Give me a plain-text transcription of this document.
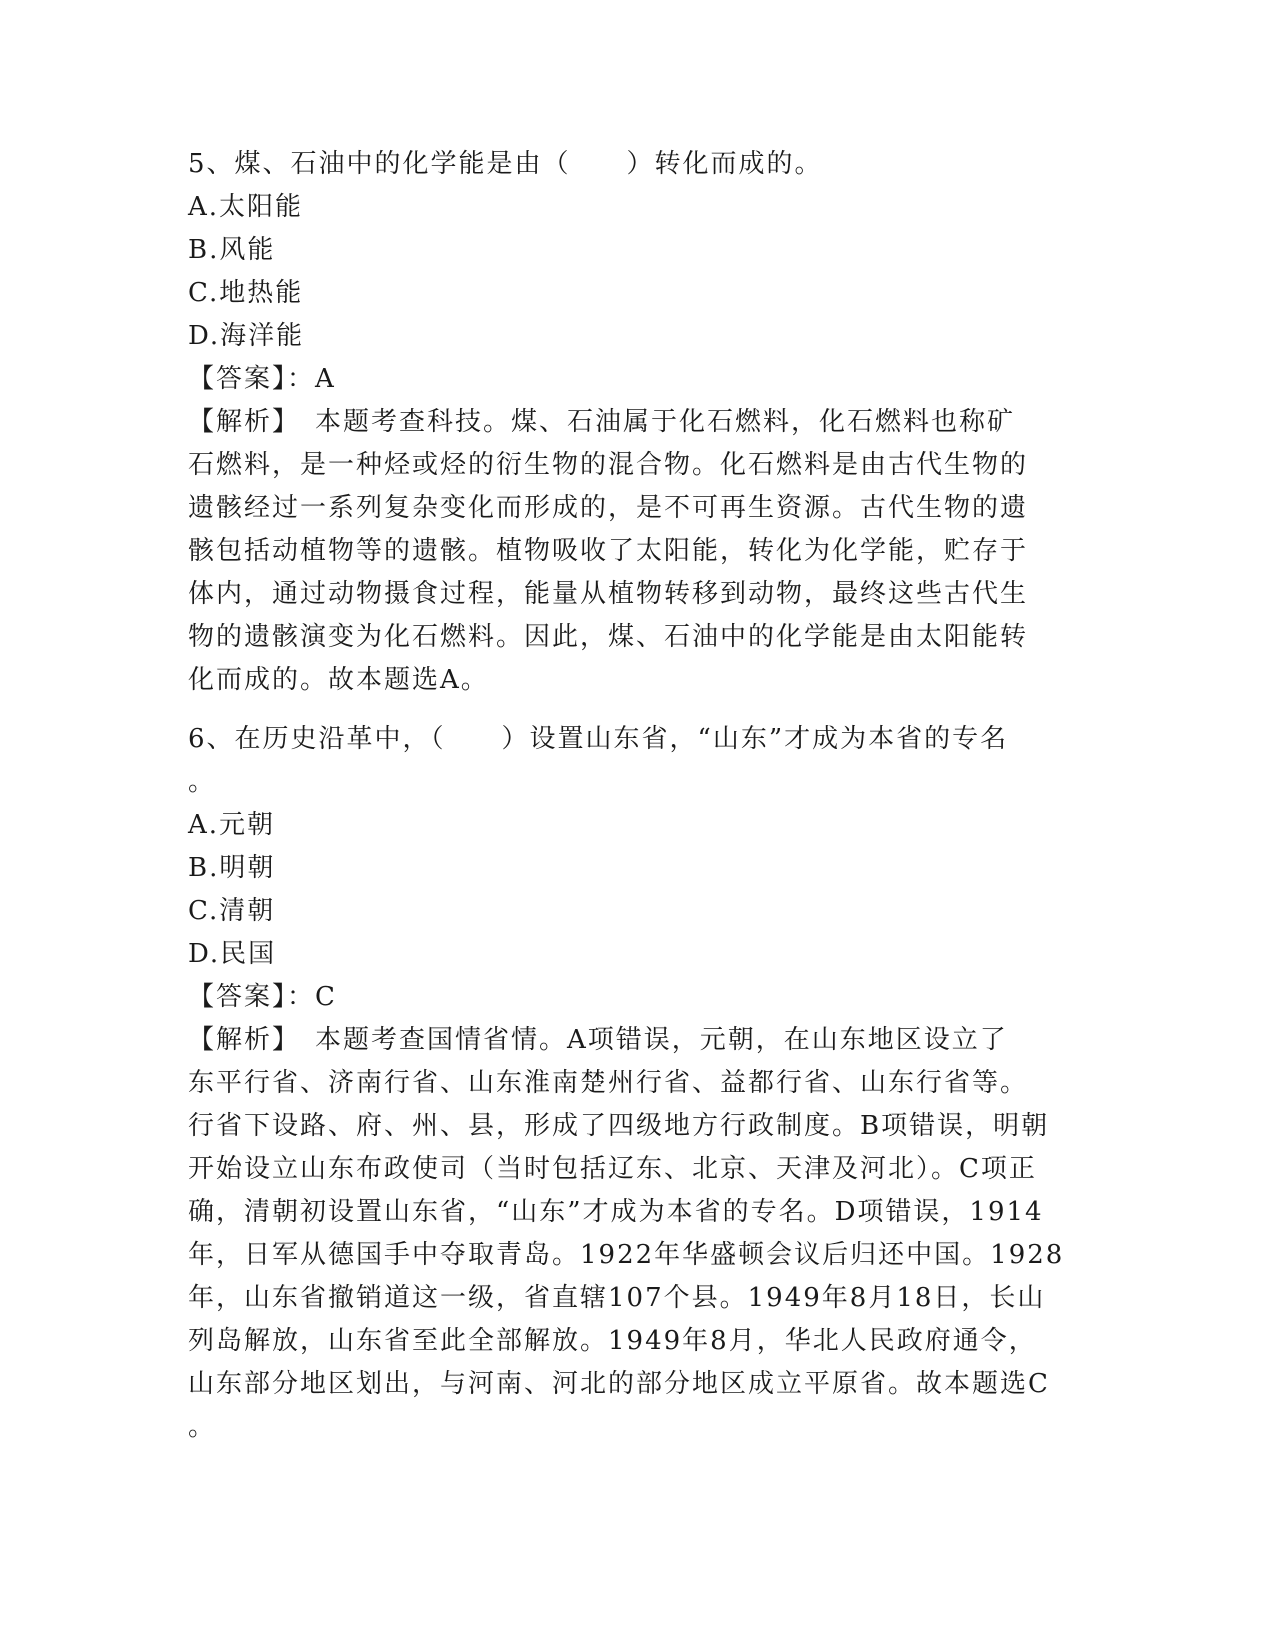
5、煤、石油中的化学能是由（　　）转化而成的。
A.太阳能
B.风能
C.地热能
D.海洋能
【答案】：A
【解析】　本题考查科技。煤、石油属于化石燃料，化石燃料也称矿
石燃料，是一种烃或烃的衍生物的混合物。化石燃料是由古代生物的
遗骸经过一系列复杂变化而形成的，是不可再生资源。古代生物的遗
骸包括动植物等的遗骸。植物吸收了太阳能，转化为化学能，贮存于
体内，通过动物摄食过程，能量从植物转移到动物，最终这些古代生
物的遗骸演变为化石燃料。因此，煤、石油中的化学能是由太阳能转
化而成的。故本题选A。
6、在历史沿革中，（　　）设置山东省，“山东”才成为本省的专名
。
A.元朝
B.明朝
C.清朝
D.民国
【答案】：C
【解析】　本题考查国情省情。A项错误，元朝，在山东地区设立了
东平行省、济南行省、山东淮南楚州行省、益都行省、山东行省等。
行省下设路、府、州、县，形成了四级地方行政制度。B项错误，明朝
开始设立山东布政使司（当时包括辽东、北京、天津及河北）。C项正
确，清朝初设置山东省，“山东”才成为本省的专名。D项错误，1914
年，日军从德国手中夺取青岛。1922年华盛顿会议后归还中国。1928
年，山东省撤销道这一级，省直辖107个县。1949年8月18日，长山
列岛解放，山东省至此全部解放。1949年8月，华北人民政府通令，
山东部分地区划出，与河南、河北的部分地区成立平原省。故本题选C
。
